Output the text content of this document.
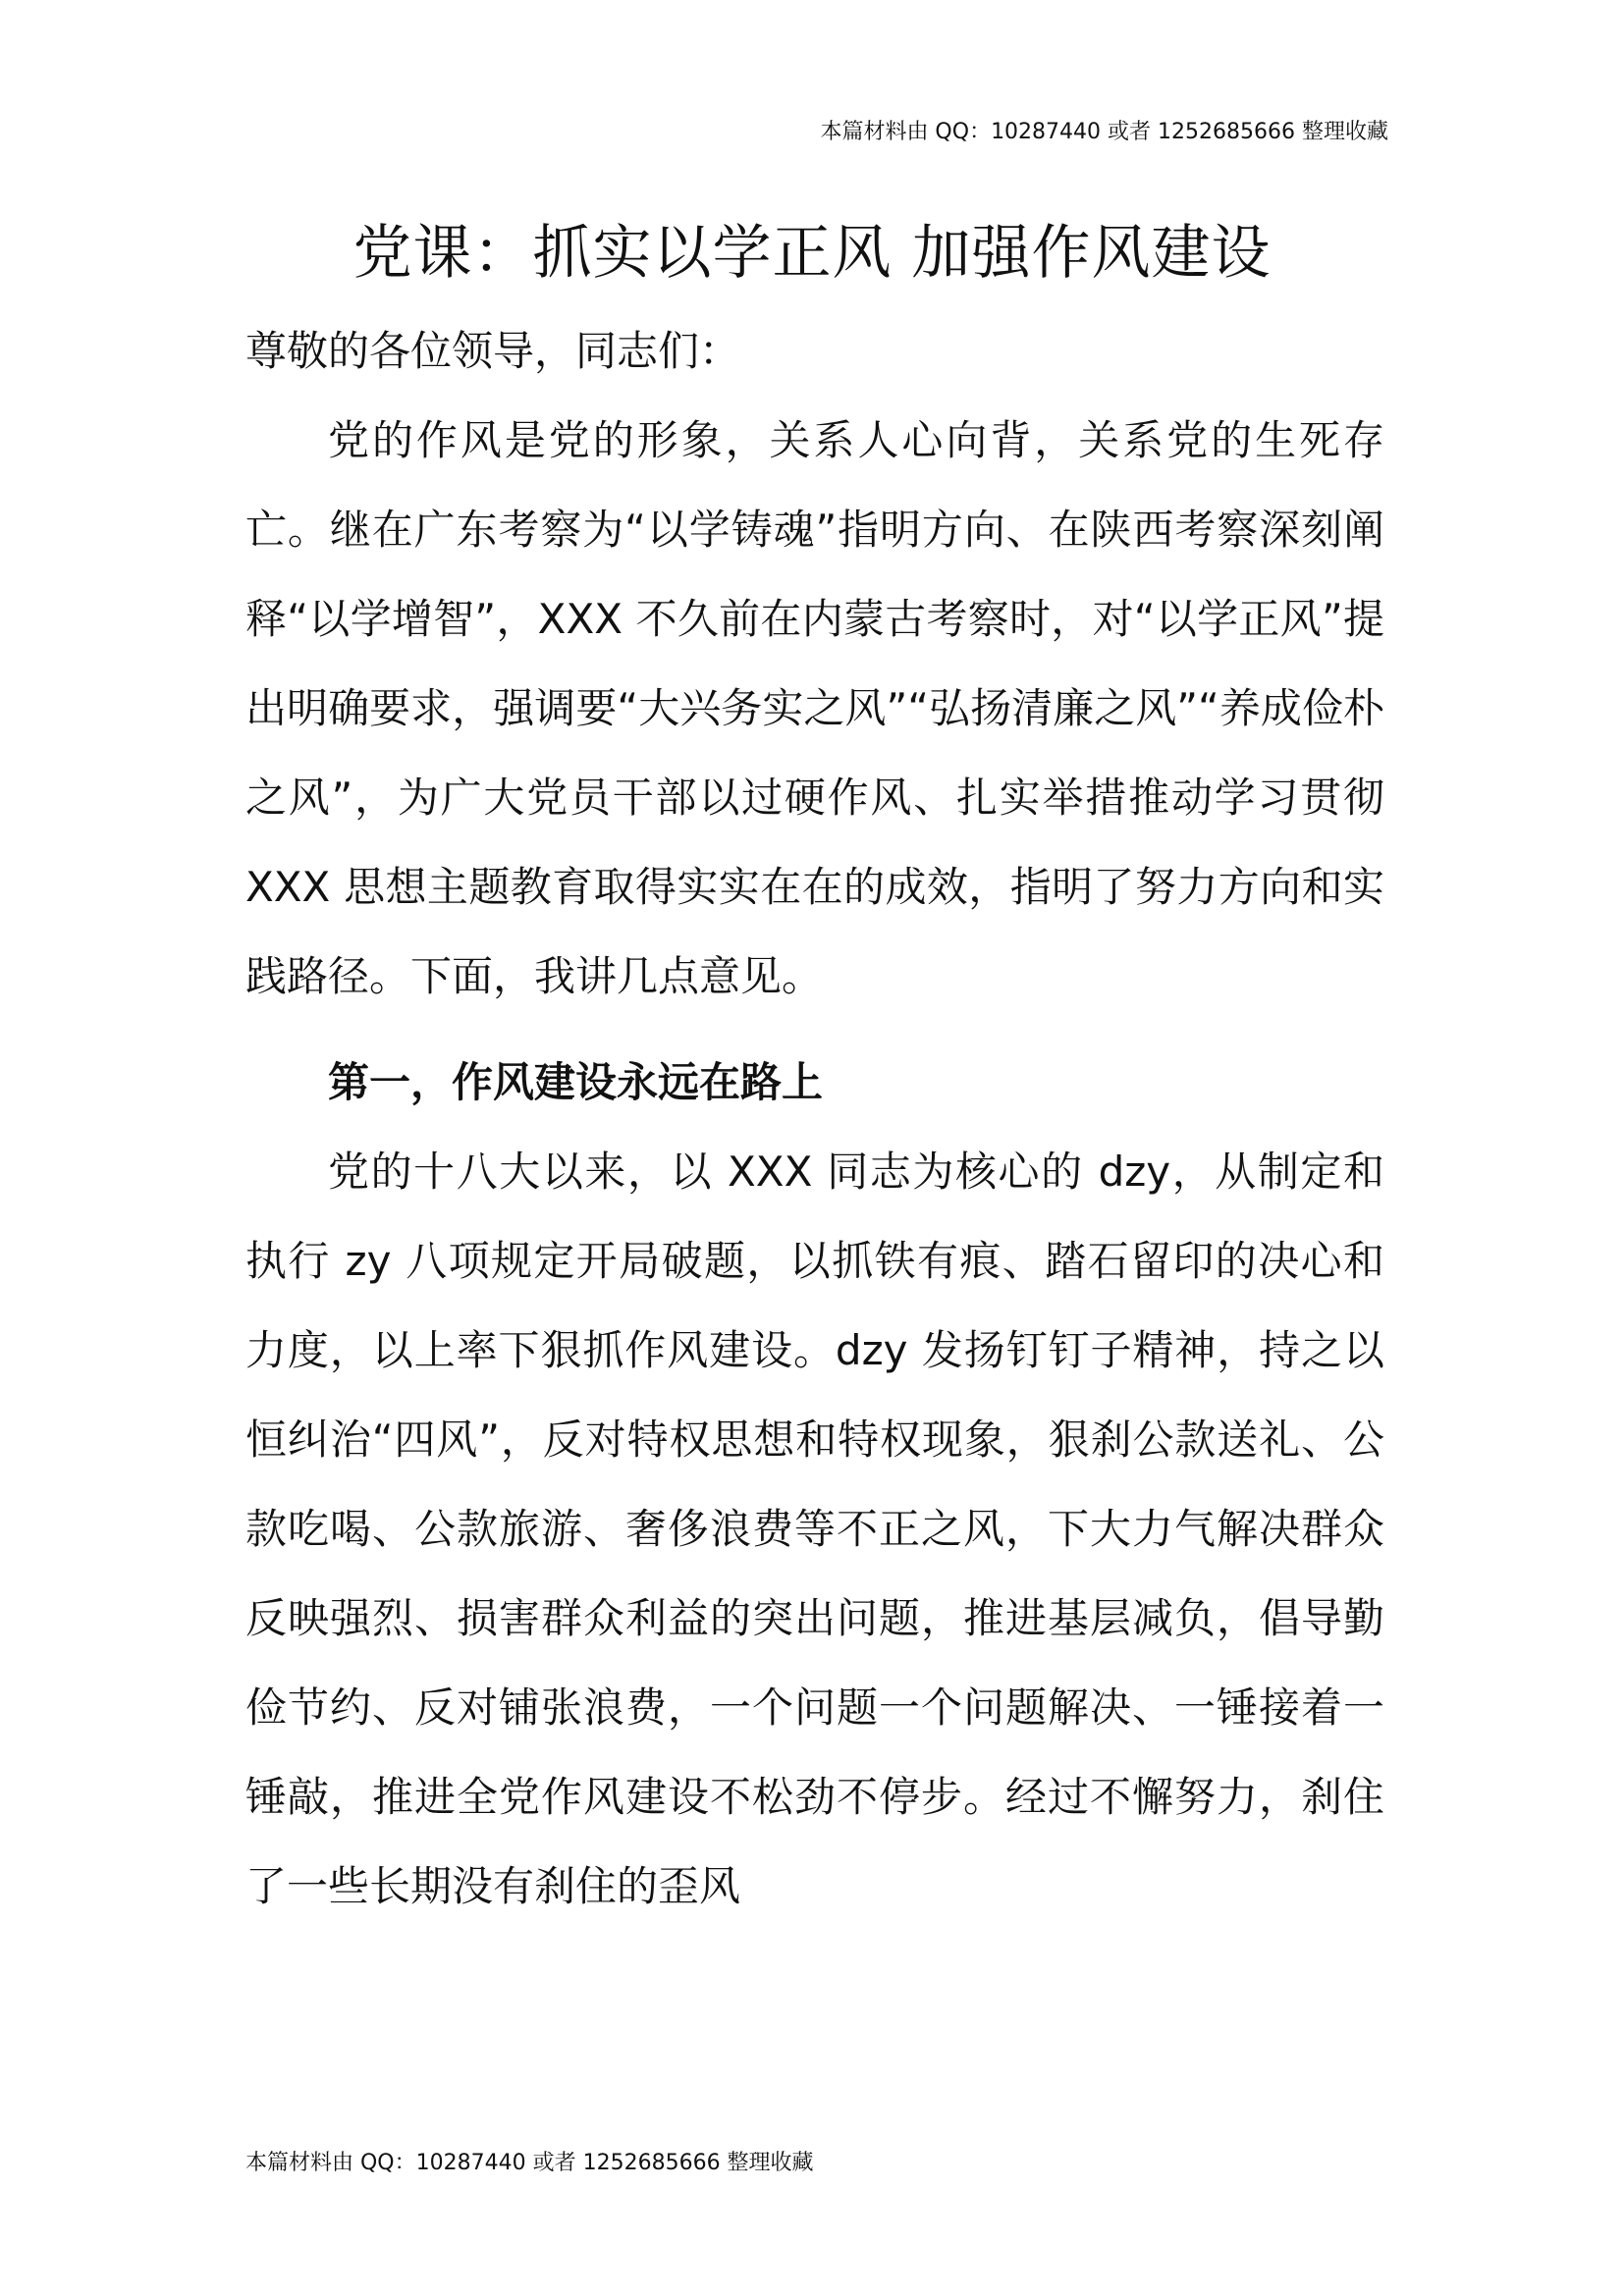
本篇材料由 QQ：10287440 或者 1252685666 整理收藏
党课：抓实以学正风 加强作风建设

尊敬的各位领导，同志们：

党的作风是党的形象，关系人心向背，关系党的生死存亡。继在广东考察为“以学铸魂”指明方向、在陕西考察深刻阐释“以学增智”，XXX 不久前在内蒙古考察时，对“以学正风”提出明确要求，强调要“大兴务实之风”“弘扬清廉之风”“养成俭朴之风”，为广大党员干部以过硬作风、扎实举措推动学习贯彻 XXX 思想主题教育取得实实在在的成效，指明了努力方向和实践路径。下面，我讲几点意见。

第一，作风建设永远在路上

党的十八大以来，以 XXX 同志为核心的 dzy，从制定和执行 zy 八项规定开局破题，以抓铁有痕、踏石留印的决心和力度，以上率下狠抓作风建设。dzy 发扬钉钉子精神，持之以恒纠治“四风”，反对特权思想和特权现象，狠刹公款送礼、公款吃喝、公款旅游、奢侈浪费等不正之风，下大力气解决群众反映强烈、损害群众利益的突出问题，推进基层减负，倡导勤俭节约、反对铺张浪费，一个问题一个问题解决、一锤接着一锤敲，推进全党作风建设不松劲不停步。经过不懈努力，刹住了一些长期没有刹住的歪风

本篇材料由 QQ：10287440 或者 1252685666 整理收藏
